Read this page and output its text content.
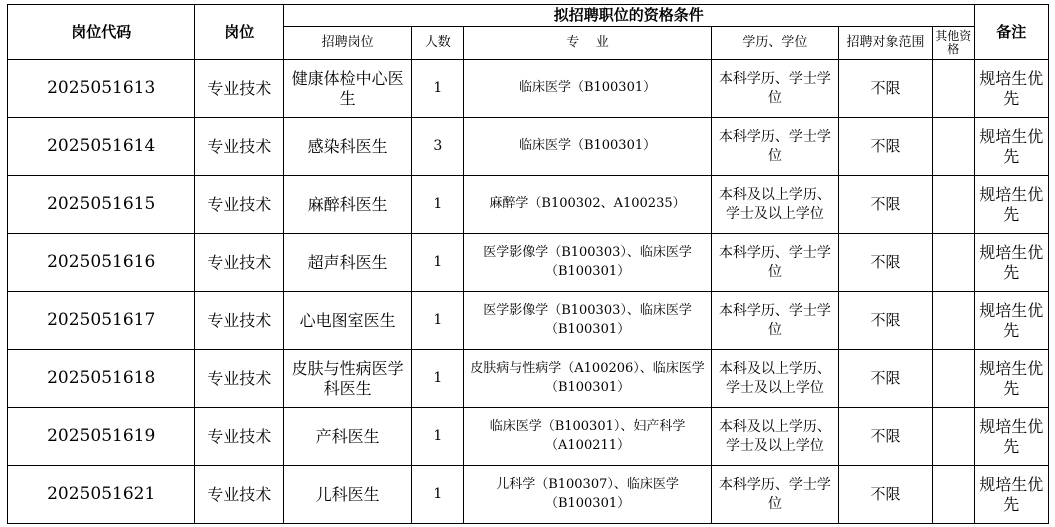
岗位代码	岗位	拟招聘职位的资格条件						备注
		招聘岗位	人数	专    业	学历、学位	招聘对象范围	其他资格	
2025051613	专业技术	健康体检中心医生	1	临床医学（B100301）	本科学历、学士学位	不限		规培生优先
2025051614	专业技术	感染科医生	3	临床医学（B100301）	本科学历、学士学位	不限		规培生优先
2025051615	专业技术	麻醉科医生	1	麻醉学（B100302、A100235）	本科及以上学历、学士及以上学位	不限		规培生优先
2025051616	专业技术	超声科医生	1	医学影像学（B100303）、临床医学（B100301）	本科学历、学士学位	不限		规培生优先
2025051617	专业技术	心电图室医生	1	医学影像学（B100303）、临床医学（B100301）	本科学历、学士学位	不限		规培生优先
2025051618	专业技术	皮肤与性病医学科医生	1	皮肤病与性病学（A100206）、临床医学（B100301）	本科及以上学历、学士及以上学位	不限		规培生优先
2025051619	专业技术	产科医生	1	临床医学（B100301）、妇产科学（A100211）	本科及以上学历、学士及以上学位	不限		规培生优先
2025051621	专业技术	儿科医生	1	儿科学（B100307）、临床医学（B100301）	本科学历、学士学位	不限		规培生优先
